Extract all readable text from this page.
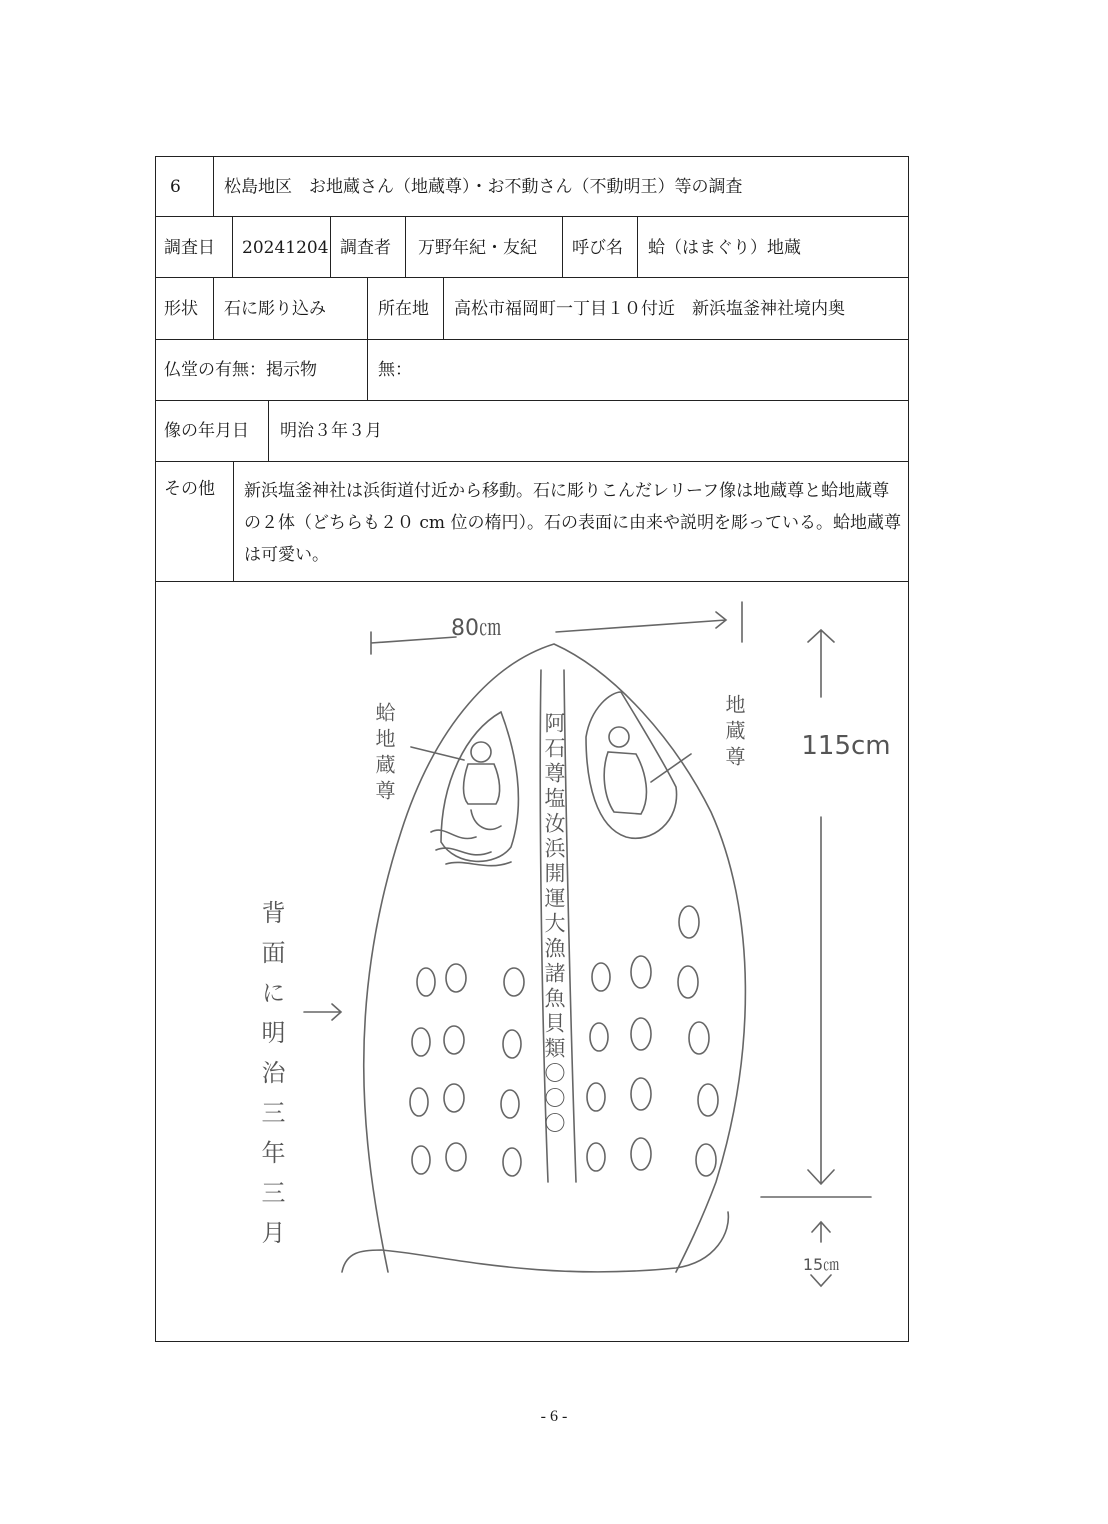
6	松島地区　お地蔵さん（地蔵尊）・お不動さん（不動明王）等の調査
調査日 20241204 調査者 万野年紀・友紀 呼び名 蛤（はまぐり）地蔵
形状 石に彫り込み	所在地 高松市福岡町一丁目１０付近　新浜塩釜神社境内奥
仏堂の有無：掲示物	無：
像の年月日 明治３年３月
その他 新浜塩釜神社は浜街道付近から移動。石に彫りこんだレリーフ像は地蔵尊と蛤地蔵尊の２体（どちらも２０ cm 位の楕円）。石の表面に由来や説明を彫っている。蛤地蔵尊は可愛い。
80㎝
115cm
15㎝
蛤地蔵尊	地蔵尊
阿石尊塩汝浜開運大漁諸魚貝類〇〇〇
背面に明治三年三月
- 6 -
